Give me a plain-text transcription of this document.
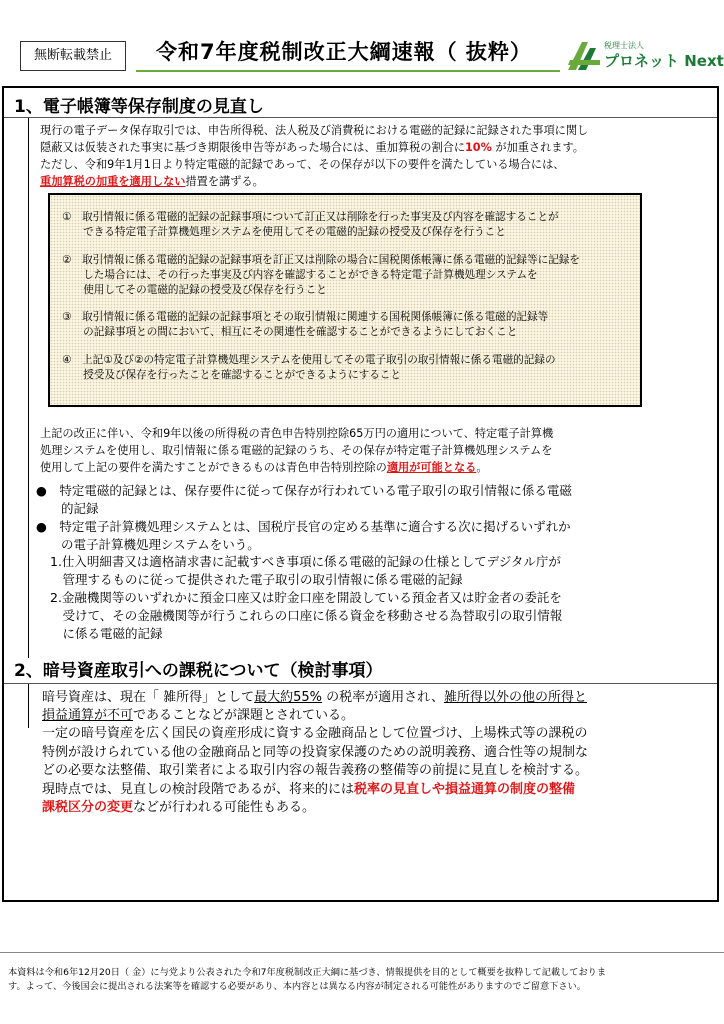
無断転載禁止	令和7年度税制改正大綱速報（ 抜粋）	税理士法人
プロネット Next
1、電子帳簿等保存制度の見直し
現行の電子データ保存取引では、申告所得税、法人税及び消費税における電磁的記録に記録された事項に関し
隠蔽又は仮装された事実に基づき期限後申告等があった場合には、重加算税の割合に10% が加重されます。
ただし、令和9年1月1日より特定電磁的記録であって、その保存が以下の要件を満たしている場合には、
重加算税の加重を適用しない措置を講ずる。
①　取引情報に係る電磁的記録の記録事項について訂正又は削除を行った事実及び内容を確認することが
　　できる特定電子計算機処理システムを使用してその電磁的記録の授受及び保存を行うこと
②　取引情報に係る電磁的記録の記録事項を訂正又は削除の場合に国税関係帳簿に係る電磁的記録等に記録を
　　した場合には、その行った事実及び内容を確認することができる特定電子計算機処理システムを
　　使用してその電磁的記録の授受及び保存を行うこと
③　取引情報に係る電磁的記録の記録事項とその取引情報に関連する国税関係帳簿に係る電磁的記録等
　　の記録事項との間において、相互にその関連性を確認することができるようにしておくこと
④　上記①及び②の特定電子計算機処理システムを使用してその電子取引の取引情報に係る電磁的記録の
　　授受及び保存を行ったことを確認することができるようにすること
上記の改正に伴い、令和9年以後の所得税の青色申告特別控除65万円の適用について、特定電子計算機
処理システムを使用し、取引情報に係る電磁的記録のうち、その保存が特定電子計算機処理システムを
使用して上記の要件を満たすことができるものは青色申告特別控除の適用が可能となる。
●　特定電磁的記録とは、保存要件に従って保存が行われている電子取引の取引情報に係る電磁
　　的記録
●　特定電子計算機処理システムとは、国税庁長官の定める基準に適合する次に掲げるいずれか
　　の電子計算機処理システムをいう。
1.仕入明細書又は適格請求書に記載すべき事項に係る電磁的記録の仕様としてデジタル庁が
　管理するものに従って提供された電子取引の取引情報に係る電磁的記録
2.金融機関等のいずれかに預金口座又は貯金口座を開設している預金者又は貯金者の委託を
　受けて、その金融機関等が行うこれらの口座に係る資金を移動させる為替取引の取引情報
　に係る電磁的記録
2、暗号資産取引への課税について（検討事項）
暗号資産は、現在「 雑所得」として最大約55% の税率が適用され、雑所得以外の他の所得と
損益通算が不可であることなどが課題とされている。
一定の暗号資産を広く国民の資産形成に資する金融商品として位置づけ、上場株式等の課税の
特例が設けられている他の金融商品と同等の投資家保護のための説明義務、適合性等の規制な
どの必要な法整備、取引業者による取引内容の報告義務の整備等の前提に見直しを検討する。
現時点では、見直しの検討段階であるが、将来的には税率の見直しや損益通算の制度の整備
課税区分の変更などが行われる可能性もある。
本資料は令和6年12月20日（ 金）に与党より公表された令和7年度税制改正大綱に基づき、情報提供を目的として概要を抜粋して記載しておりま
す。よって、今後国会に提出される法案等を確認する必要があり、本内容とは異なる内容が制定される可能性がありますのでご留意下さい。
